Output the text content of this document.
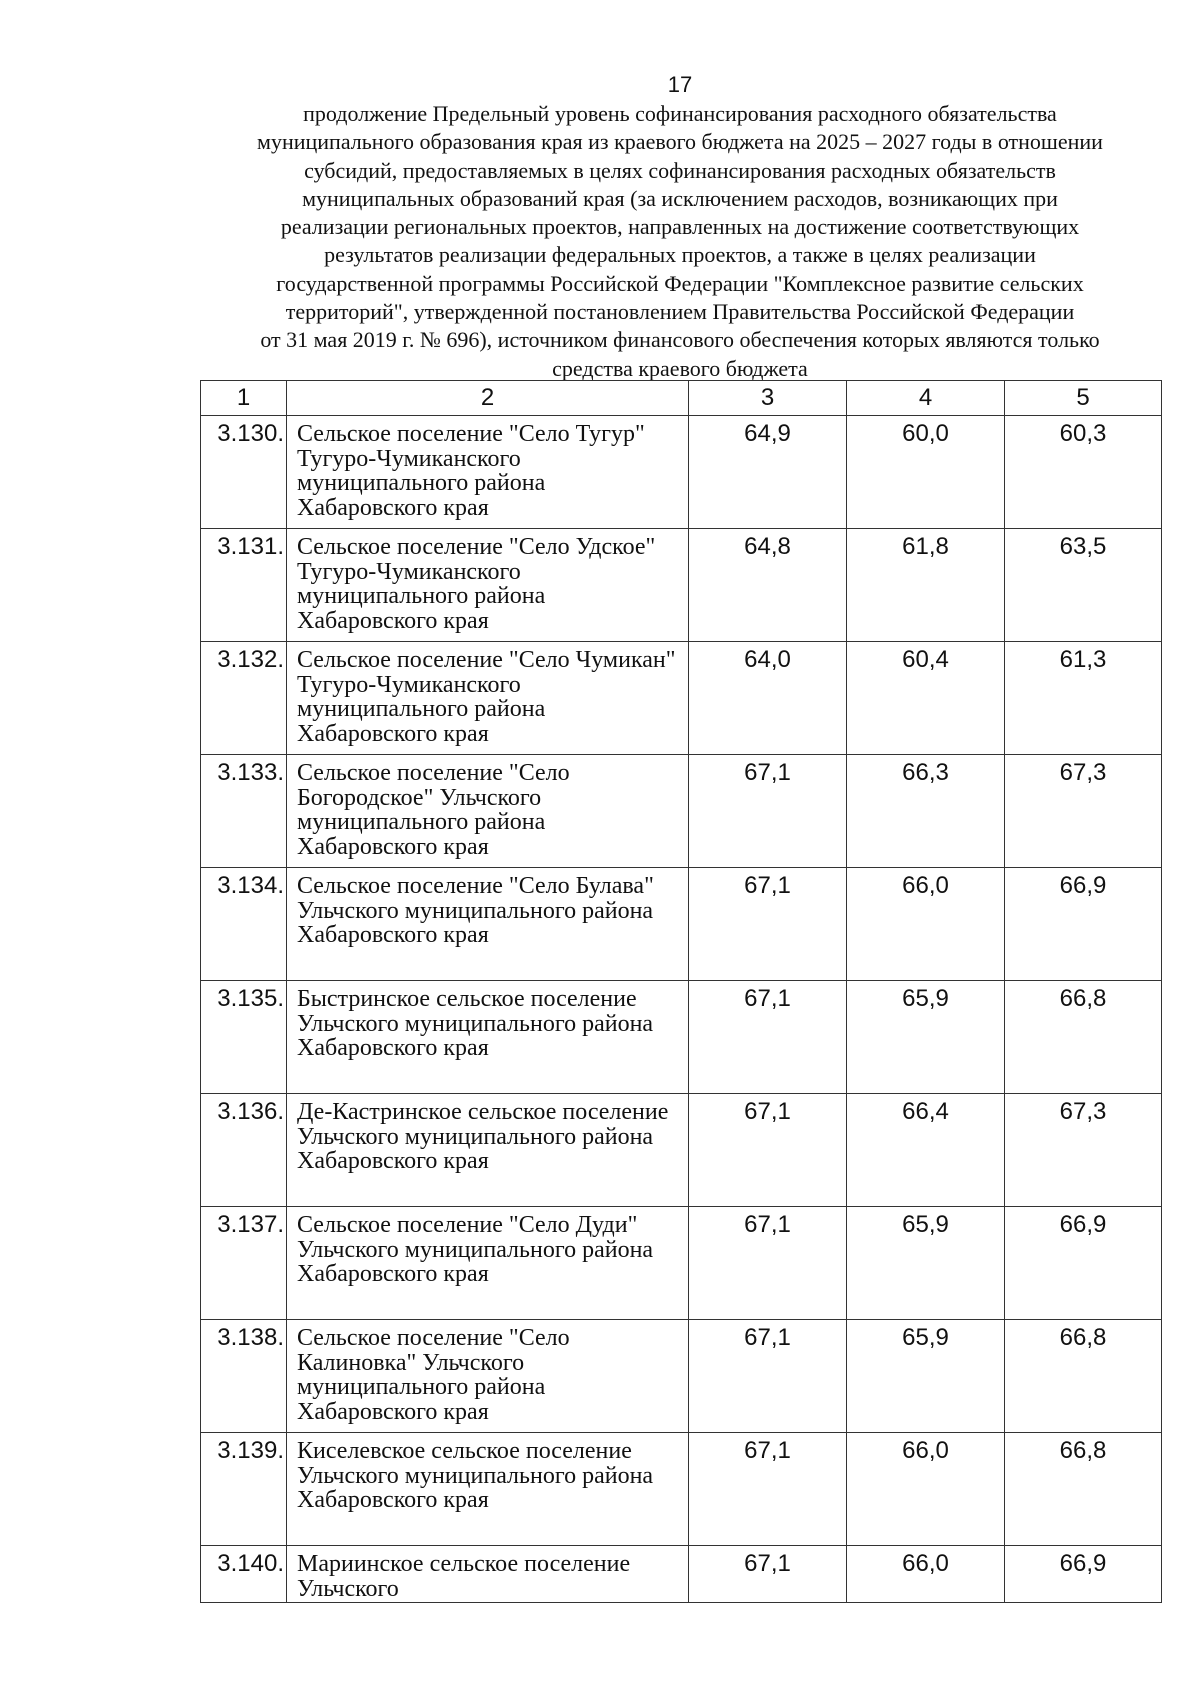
17
продолжение Предельный уровень софинансирования расходного обязательства
муниципального образования края из краевого бюджета на 2025 – 2027 годы в отношении
субсидий, предоставляемых в целях софинансирования расходных обязательств
муниципальных образований края (за исключением расходов, возникающих при
реализации региональных проектов, направленных на достижение соответствующих
результатов реализации федеральных проектов, а также в целях реализации
государственной программы Российской Федерации "Комплексное развитие сельских
территорий", утвержденной постановлением Правительства Российской Федерации
от 31 мая 2019 г. № 696), источником финансового обеспечения которых являются только
средства краевого бюджета
1	2	3	4	5
3.130.	Сельское поселение "Село Тугур" Тугуро-Чумиканского муниципального района Хабаровского края	64,9	60,0	60,3
3.131.	Сельское поселение "Село Удское" Тугуро-Чумиканского муниципального района Хабаровского края	64,8	61,8	63,5
3.132.	Сельское поселение "Село Чумикан" Тугуро-Чумиканского муниципального района Хабаровского края	64,0	60,4	61,3
3.133.	Сельское поселение "Село Богородское" Ульчского муниципального района Хабаровского края	67,1	66,3	67,3
3.134.	Сельское поселение "Село Булава" Ульчского муниципального района Хабаровского края	67,1	66,0	66,9
3.135.	Быстринское сельское поселение Ульчского муниципального района Хабаровского края	67,1	65,9	66,8
3.136.	Де-Кастринское сельское поселение Ульчского муниципального района Хабаровского края	67,1	66,4	67,3
3.137.	Сельское поселение "Село Дуди" Ульчского муниципального района Хабаровского края	67,1	65,9	66,9
3.138.	Сельское поселение "Село Калиновка" Ульчского муниципального района Хабаровского края	67,1	65,9	66,8
3.139.	Киселевское сельское поселение Ульчского муниципального района Хабаровского края	67,1	66,0	66,8
3.140.	Мариинское сельское поселение Ульчского	67,1	66,0	66,9
